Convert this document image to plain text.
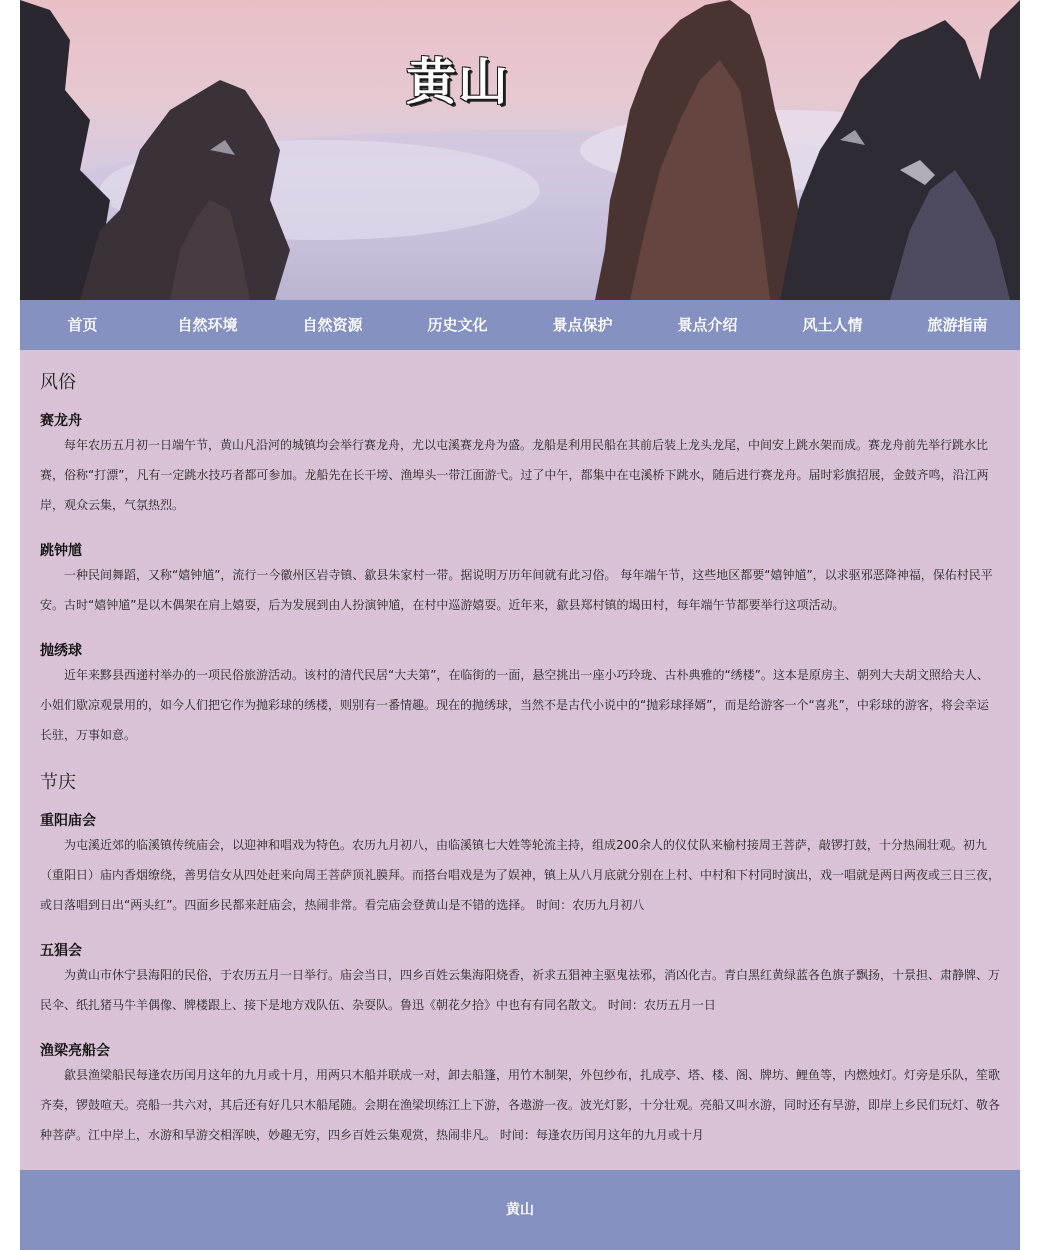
黄山
首页	自然环境	自然资源	历史文化	景点保护	景点介绍	风土人情	旅游指南
风俗
赛龙舟
每年农历五月初一日端午节，黄山凡沿河的城镇均会举行赛龙舟，尤以屯溪赛龙舟为盛。龙船是利用民船在其前后装上龙头龙尾，中间安上跳水架而成。赛龙舟前先举行跳水比赛，俗称“打漂”，凡有一定跳水技巧者都可参加。龙船先在长干塝、渔埠头一带江面游弋。过了中午，都集中在屯溪桥下跳水，随后进行赛龙舟。届时彩旗招展，金鼓齐鸣，沿江两岸，观众云集，气氛热烈。
跳钟馗
一种民间舞蹈，又称“嬉钟馗”，流行一今徽州区岩寺镇、歙县朱家村一带。据说明万历年间就有此习俗。 每年端午节，这些地区都要“嬉钟馗”，以求驱邪恶降神福，保佑村民平安。古时“嬉钟馗”是以木偶架在肩上嬉耍，后为发展到由人扮演钟馗，在村中巡游嬉耍。近年来，歙县郑村镇的堨田村，每年端午节都要举行这项活动。
抛绣球
近年来黟县西递村举办的一项民俗旅游活动。该村的清代民居“大夫第”，在临街的一面，悬空挑出一座小巧玲珑、古朴典雅的“绣楼”。这本是原房主、朝列大夫胡文照给夫人、小姐们歇凉观景用的，如今人们把它作为抛彩球的绣楼，则别有一番情趣。现在的抛绣球，当然不是古代小说中的“抛彩球择婿”，而是给游客一个“喜兆”，中彩球的游客，将会幸运长驻，万事如意。
节庆
重阳庙会
为屯溪近郊的临溪镇传统庙会，以迎神和唱戏为特色。农历九月初八，由临溪镇七大姓等轮流主持，组成200余人的仪仗队来榆村接周王菩萨，敲锣打鼓，十分热闹壮观。初九（重阳日）庙内香烟缭绕，善男信女从四处赶来向周王菩萨顶礼膜拜。而搭台唱戏是为了娱神，镇上从八月底就分别在上村、中村和下村同时演出，戏一唱就是两日两夜或三日三夜，或日落唱到日出“两头红”。四面乡民都来赶庙会，热闹非常。看完庙会登黄山是不错的选择。 时间：农历九月初八
五猖会
为黄山市休宁县海阳的民俗，于农历五月一日举行。庙会当日，四乡百姓云集海阳烧香，祈求五猖神主驱鬼祛邪，消凶化吉。青白黑红黄绿蓝各色旗子飘扬，十景担、肃静牌、万民伞、纸扎猪马牛羊偶像、牌楼跟上、接下是地方戏队伍、杂耍队。鲁迅《朝花夕拾》中也有有同名散文。 时间：农历五月一日
渔梁亮船会
歙县渔梁船民每逢农历闰月这年的九月或十月，用两只木船并联成一对，卸去船篷，用竹木制架，外包纱布，扎成亭、塔、楼、阁、牌坊、鲤鱼等，内燃烛灯。灯旁是乐队，笙歌齐奏，锣鼓喧天。亮船一共六对，其后还有好几只木船尾随。会期在渔梁坝练江上下游，各遨游一夜。波光灯影，十分壮观。亮船又叫水游，同时还有旱游，即岸上乡民们玩灯、敬各种菩萨。江中岸上，水游和旱游交相浑映，妙趣无穷，四乡百姓云集观赏，热闹非凡。 时间：每逢农历闰月这年的九月或十月
黄山
